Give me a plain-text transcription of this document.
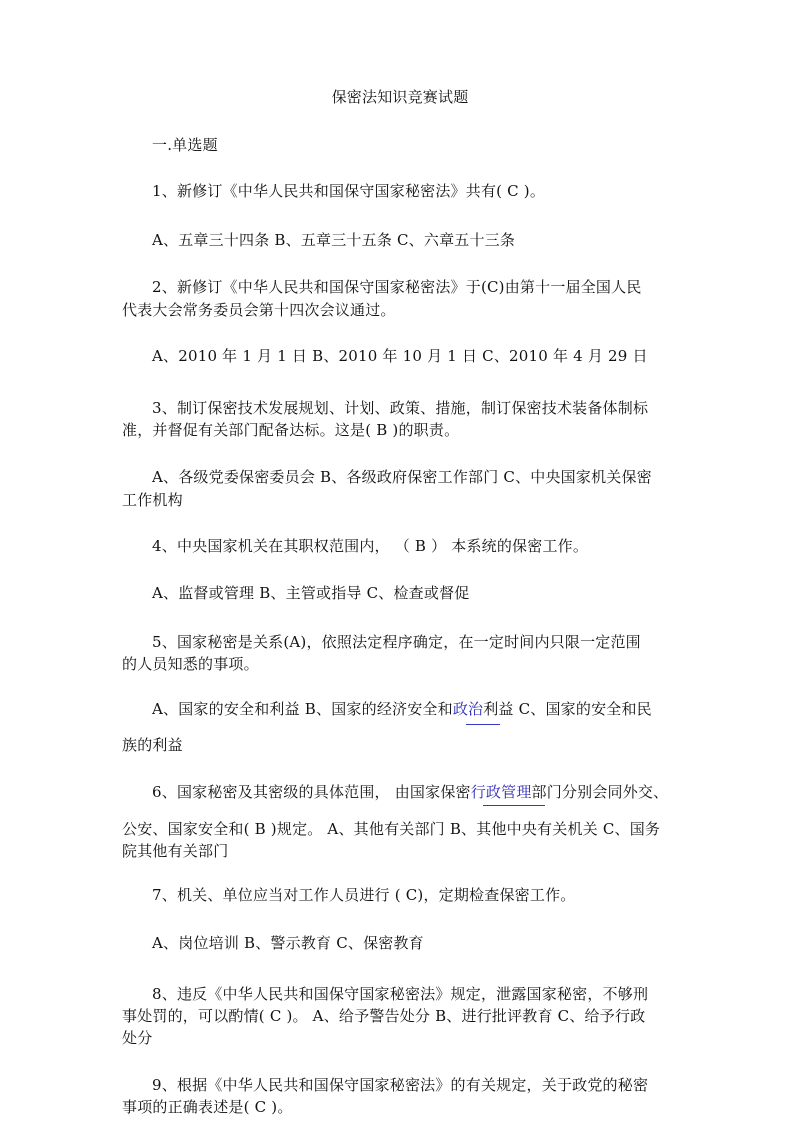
保密法知识竞赛试题
一.单选题
1、新修订《中华人民共和国保守国家秘密法》共有( C )。
A、五章三十四条 B、五章三十五条 C、六章五十三条
2、新修订《中华人民共和国保守国家秘密法》于(C)由第十一届全国人民
代表大会常务委员会第十四次会议通过。
A、2010 年 1 月 1 日 B、2010 年 10 月 1 日 C、2010 年 4 月 29 日
3、制订保密技术发展规划、计划、政策、措施，制订保密技术装备体制标
准，并督促有关部门配备达标。这是( B )的职责。
A、各级党委保密委员会 B、各级政府保密工作部门 C、中央国家机关保密
工作机构
4、中央国家机关在其职权范围内， （ B ） 本系统的保密工作。
A、监督或管理 B、主管或指导 C、检查或督促
5、国家秘密是关系(A)，依照法定程序确定，在一定时间内只限一定范围
的人员知悉的事项。
A、国家的安全和利益 B、国家的经济安全和政治利益 C、国家的安全和民
族的利益
6、国家秘密及其密级的具体范围， 由国家保密行政管理部门分别会同外交、
公安、国家安全和( B )规定。 A、其他有关部门 B、其他中央有关机关 C、国务
院其他有关部门
7、机关、单位应当对工作人员进行 ( C)，定期检查保密工作。
A、岗位培训 B、警示教育 C、保密教育
8、违反《中华人民共和国保守国家秘密法》规定，泄露国家秘密，不够刑
事处罚的，可以酌情( C )。 A、给予警告处分 B、进行批评教育 C、给予行政
处分
9、根据《中华人民共和国保守国家秘密法》的有关规定，关于政党的秘密
事项的正确表述是( C )。
